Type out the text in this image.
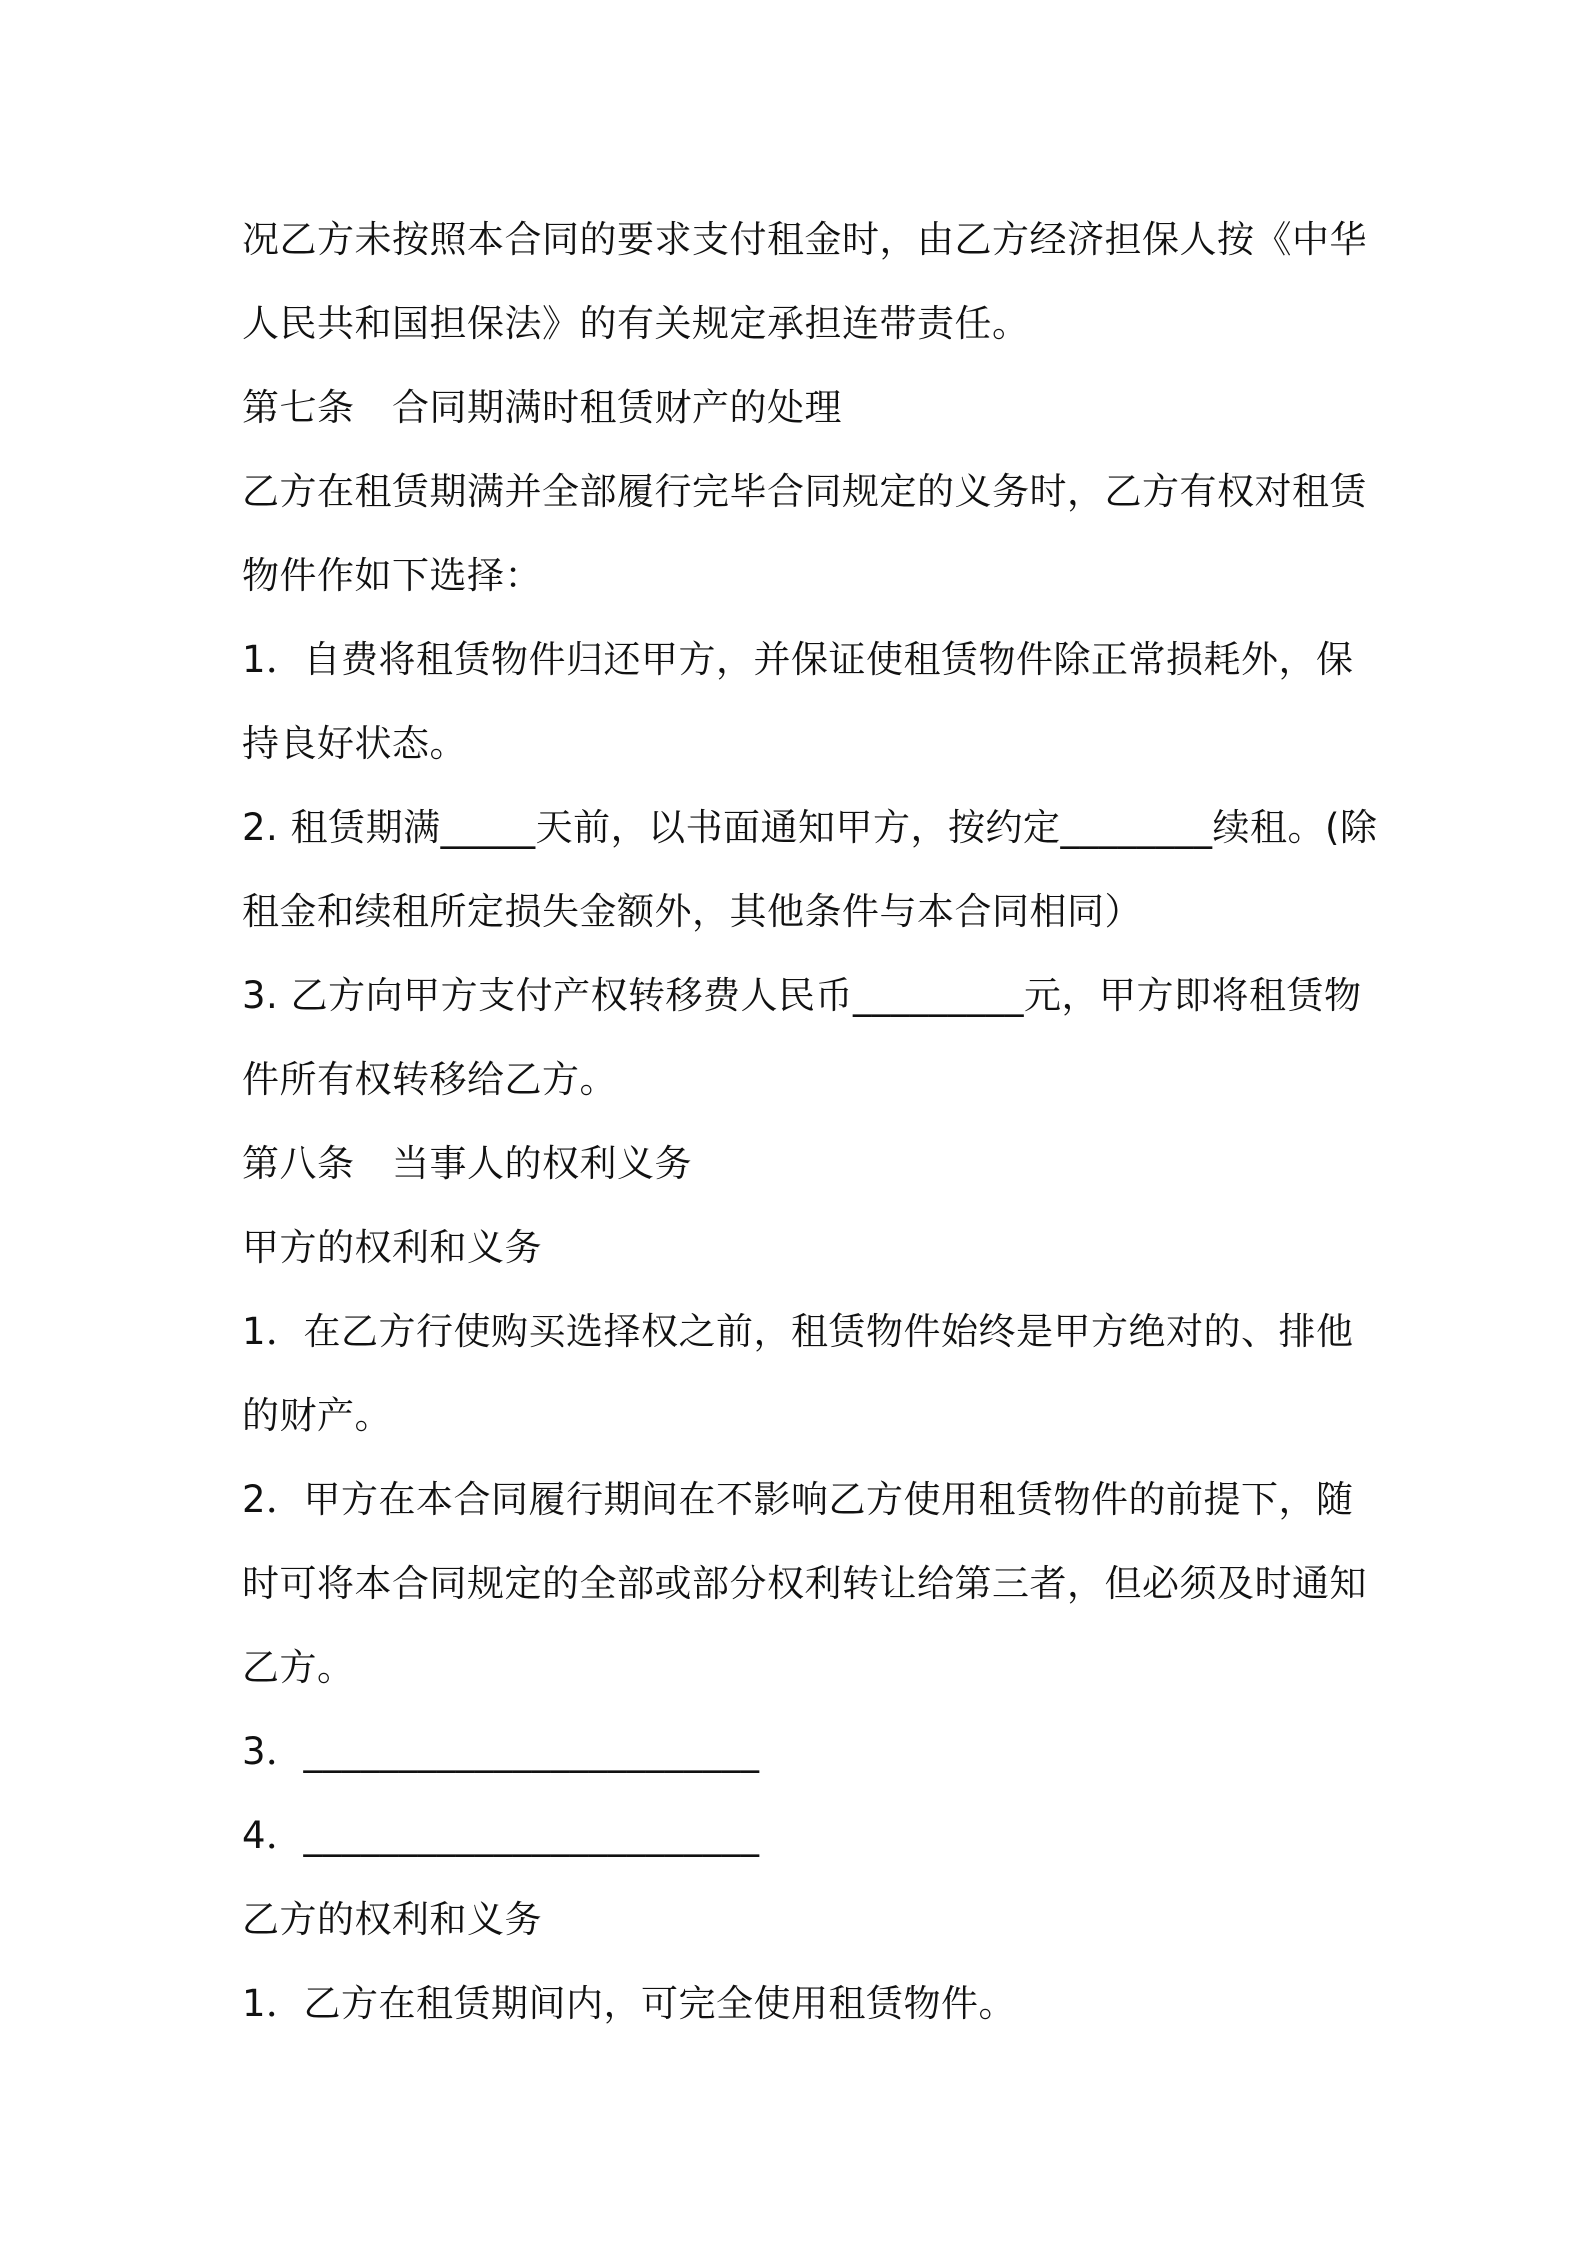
况乙方未按照本合同的要求支付租金时，由乙方经济担保人按《中华
人民共和国担保法》的有关规定承担连带责任。
第七条　合同期满时租赁财产的处理
乙方在租赁期满并全部履行完毕合同规定的义务时，乙方有权对租赁
物件作如下选择：
1．自费将租赁物件归还甲方，并保证使租赁物件除正常损耗外，保
持良好状态。
2. 租赁期满_____天前，以书面通知甲方，按约定________续租。(除
租金和续租所定损失金额外，其他条件与本合同相同）
3. 乙方向甲方支付产权转移费人民币_________元，甲方即将租赁物
件所有权转移给乙方。
第八条　当事人的权利义务
甲方的权利和义务
1．在乙方行使购买选择权之前，租赁物件始终是甲方绝对的、排他
的财产。
2．甲方在本合同履行期间在不影响乙方使用租赁物件的前提下，随
时可将本合同规定的全部或部分权利转让给第三者，但必须及时通知
乙方。
3．________________________
4．________________________
乙方的权利和义务
1．乙方在租赁期间内，可完全使用租赁物件。
